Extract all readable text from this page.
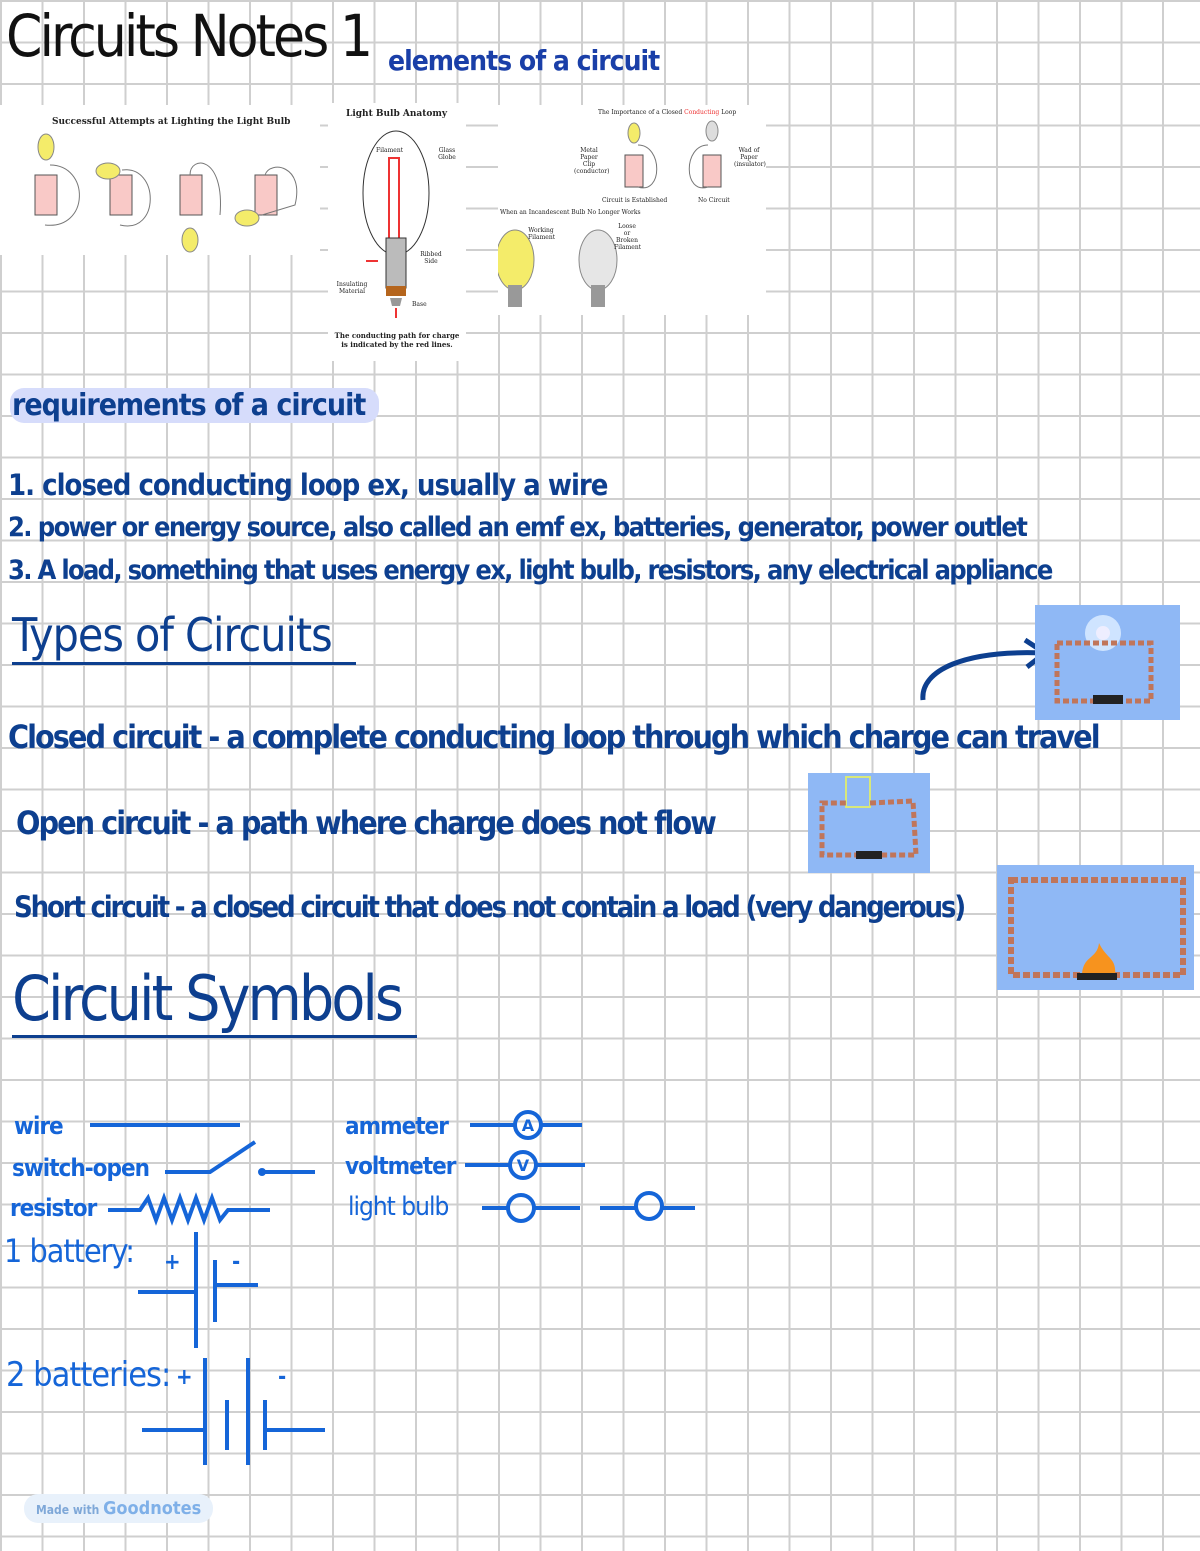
Circuits Notes 1 elements of a circuit
Successful Attempts at Lighting the Light Bulb
Light Bulb Anatomy
Filament	Glass Globe
Ribbed Side
Insulating Material
Base
The conducting path for charge is indicated by the red lines.
The Importance of a Closed Conducting Loop
Metal Paper Clip (conductor)
Wad of Paper (insulator)
Circuit is Established	No Circuit
When an Incandescent Bulb No Longer Works
Working Filament
Loose or Broken Filament
requirements of a circuit
1. closed conducting loop ex, usually a wire
2. power or energy source, also called an emf ex, batteries, generator, power outlet
3. A load, something that uses energy ex, light bulb, resistors, any electrical appliance
Types of Circuits
Closed circuit - a complete conducting loop through which charge can travel
Open circuit - a path where charge does not flow
Short circuit - a closed circuit that does not contain a load (very dangerous)
Circuit Symbols
wire
switch-open
resistor
ammeter
voltmeter
light bulb
1 battery:
2 batteries:
+ -
+	-
A
V
Made with Goodnotes
